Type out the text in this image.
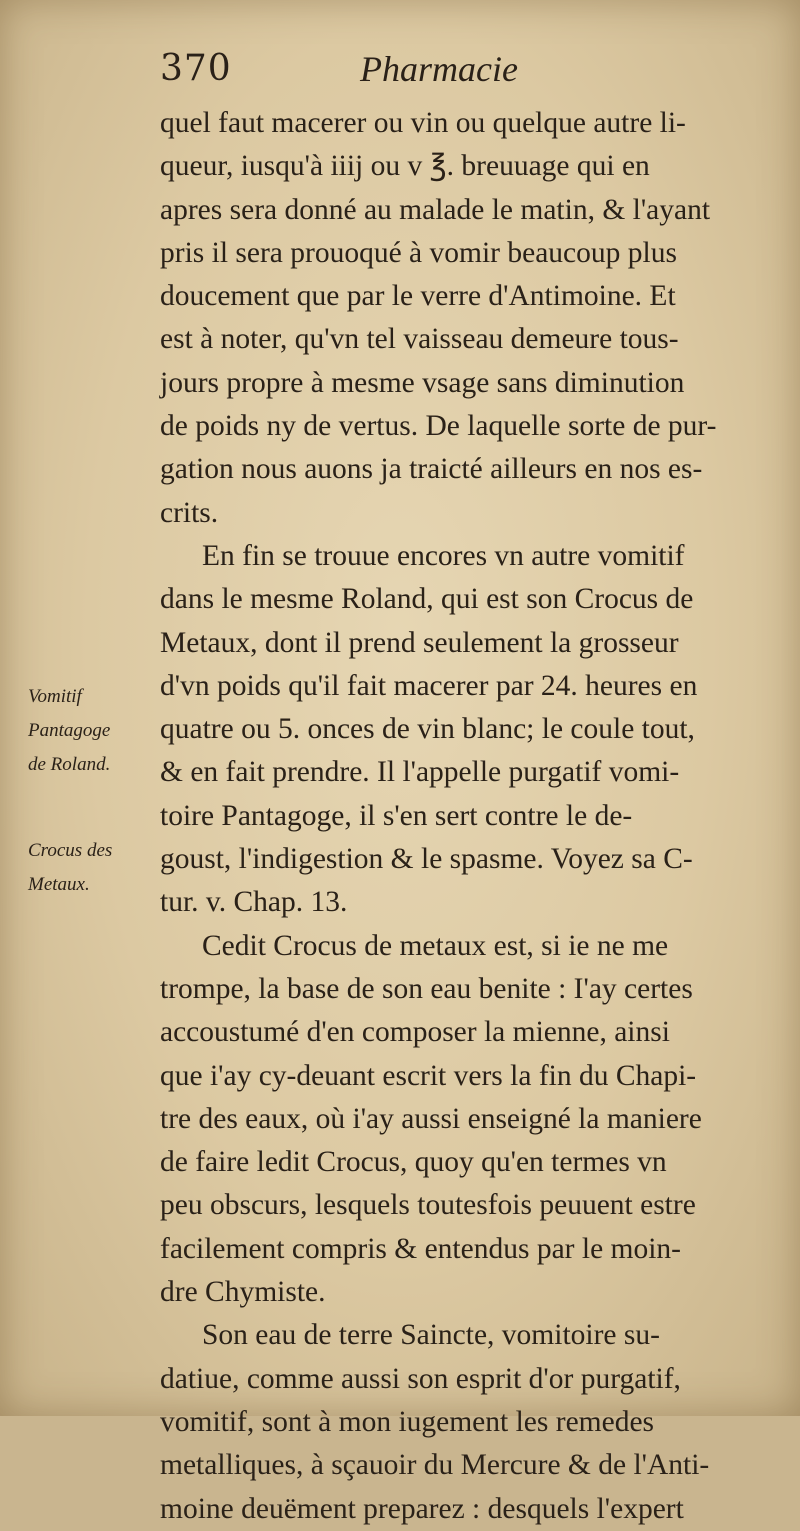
370	Pharmacie
quel faut macerer ou vin ou quelque autre li-
queur, iusqu'à iiij ou v ℥. breuuage qui en
apres sera donné au malade le matin, & l'ayant
pris il sera prouoqué à vomir beaucoup plus
doucement que par le verre d'Antimoine. Et
est à noter, qu'vn tel vaisseau demeure tous-
jours propre à mesme vsage sans diminution
de poids ny de vertus. De laquelle sorte de pur-
gation nous auons ja traicté ailleurs en nos es-
crits.
En fin se trouue encores vn autre vomitif
dans le mesme Roland, qui est son Crocus de
Metaux, dont il prend seulement la grosseur
d'vn poids qu'il fait macerer par 24. heures en
quatre ou 5. onces de vin blanc; le coule tout,
& en fait prendre. Il l'appelle purgatif vomi-
toire Pantagoge, il s'en sert contre le de-
goust, l'indigestion & le spasme. Voyez sa C-
tur. v. Chap. 13.
Cedit Crocus de metaux est, si ie ne me
trompe, la base de son eau benite : I'ay certes
accoustumé d'en composer la mienne, ainsi
que i'ay cy-deuant escrit vers la fin du Chapi-
tre des eaux, où i'ay aussi enseigné la maniere
de faire ledit Crocus, quoy qu'en termes vn
peu obscurs, lesquels toutesfois peuuent estre
facilement compris & entendus par le moin-
dre Chymiste.
Son eau de terre Saincte, vomitoire su-
datiue, comme aussi son esprit d'or purgatif,
vomitif, sont à mon iugement les remedes
metalliques, à sçauoir du Mercure & de l'Anti-
moine deuëment preparez : desquels l'expert
Vomitif
Pantagoge
de Roland.
Crocus des
Metaux.
